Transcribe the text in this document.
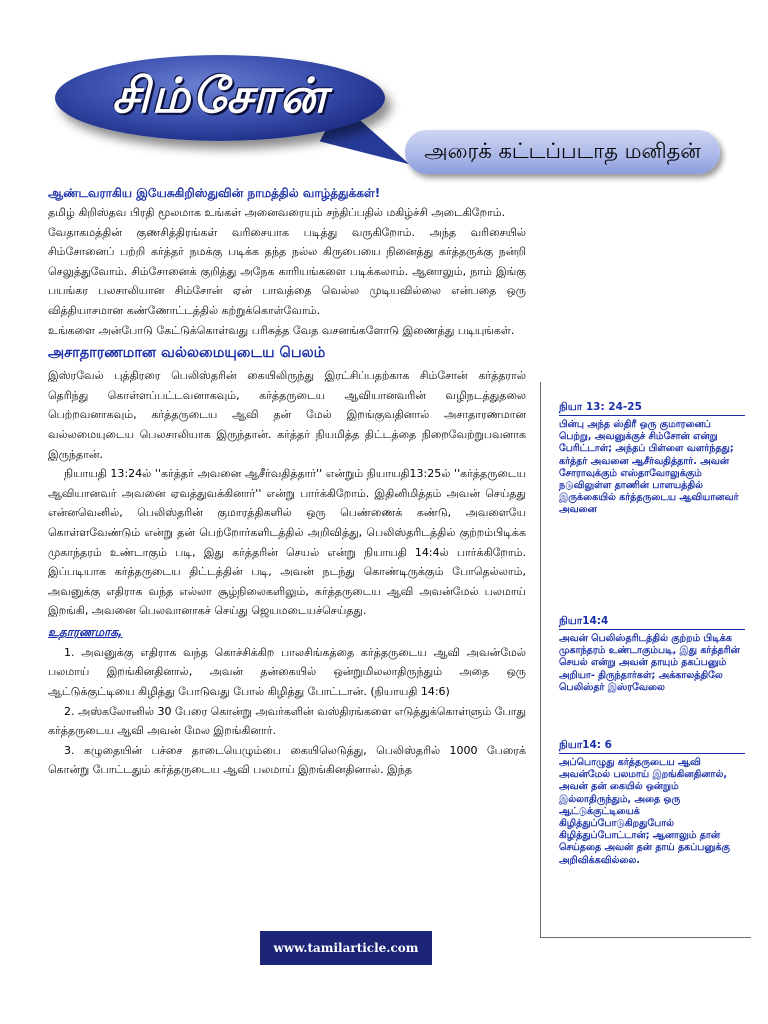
சிம்சோன்
அரைக் கட்டப்படாத மனிதன்

ஆண்டவராகிய இயேசுகிறிஸ்துவின் நாமத்தில் வாழ்த்துக்கள்!

தமிழ் கிறிஸ்தவ பிரதி மூலமாக உங்கள் அனைவரையும் சந்திப்பதில் மகிழ்ச்சி அடைகிறோம்.

வேதாகமத்தின் குணசித்திரங்கள் வரிசையாக படித்து வருகிறோம். அந்த வரிசையில் சிம்சோனைப் பற்றி கர்த்தர் நமக்கு படிக்க தந்த நல்ல கிருபையை நினைத்து கர்த்தருக்கு நன்றி செலுத்துவோம். சிம்சோனைக் குறித்து அநேக காரியங்களை படிக்கலாம். ஆனாலும், நாம் இங்கு பயங்கர பலசாலியான சிம்சோன் ஏன் பாவத்தை வெல்ல முடியவில்லை என்பதை ஒரு வித்தியாசமான கண்ணோட்டத்தில் கற்றுக்கொள்வோம்.

உங்களை அன்போடு கேட்டுக்கொள்வது பரிசுத்த வேத வசனங்களோடு இணைத்து படியுங்கள்.

அசாதாரணமான வல்லமையுடைய பெலம்

இஸ்ரவேல் புத்திரரை பெலிஸ்தரின் கையிலிருந்து இரட்சிப்பதற்காக சிம்சோன் கர்த்தரால் தெரிந்து கொள்ளப்பட்டவனாகவும், கர்த்தருடைய ஆவியானவரின் வழிநடத்துதலை பெற்றவனாகவும், கர்த்தருடைய ஆவி தன் மேல் இறங்குவதினால் அசாதாரணமான வல்லமையுடைய பெலசாலியாக இருந்தான். கர்த்தர் நியமித்த திட்டத்தை நிறைவேற்றுபவனாக இருந்தான்.

நியாயதி 13:24ல் ''கர்த்தர் அவனை ஆசீர்வதித்தார்'' என்றும் நியாயதி13:25ல் ''கர்த்தருடைய ஆவியானவர் அவனை ஏவத்துவக்கினார்'' என்று பார்க்கிறோம். இதினிமித்தம் அவன் செய்தது என்னவெனில், பெலிஸ்தரின் குமாரத்திகளில் ஒரு பெண்ணைக் கண்டு, அவளையே கொள்ளவேண்டும் என்று தன் பெற்றோர்களிடத்தில் அறிவித்து, பெலிஸ்தரிடத்தில் குற்றம்பிடிக்க முகாந்தரம் உண்டாகும் படி, இது கர்த்தரின் செயல் என்று நியாயதி 14:4ல் பார்க்கிறோம். இப்படியாக கர்த்தருடைய திட்டத்தின் படி, அவன் நடந்து கொண்டிருக்கும் போதெல்லாம், அவனுக்கு எதிராக வந்த எல்லா சூழ்நிலைகளிலும், கர்த்தருடைய ஆவி அவன்மேல் பலமாய் இறங்கி, அவனை பெலவானாகச் செய்து ஜெயமடையச்செய்தது.

உதாரணமாக,

1. அவனுக்கு எதிராக வந்த கொச்சிக்கிற பாலசிங்கத்தை கர்த்தருடைய ஆவி அவன்மேல் பலமாய் இறங்கினதினால், அவன் தன்கையில் ஒன்றுமிலலாதிருந்தும் அதை ஒரு ஆட்டுக்குட்டியை கிழித்து போடுவது போல் கிழித்து போட்டான். (நியாயதி 14:6)

2. அஸ்கலோனில் 30 பேரை கொன்று அவர்களின் வஸ்திரங்களை எடுத்துக்கொள்ளும் போது கர்த்தருடைய ஆவி அவன் மேல இறங்கினார்.

3. கழுதையின் பச்சை தாடையெழும்பை கையிலெடுத்து, பெலிஸ்தரில் 1000 பேரைக் கொன்று போட்டதும் கர்த்தருடைய ஆவி பலமாய் இறங்கினதினால். இந்த

நியா 13: 24-25

பின்பு அந்த ஸ்திரீ ஒரு குமாரனைப் பெற்று, அவனுக்குச் சிம்சோன் என்று பேரிட்டாள்; அந்தப் பிள்ளை வளர்ந்தது; கர்த்தர் அவனை ஆசீர்வதித்தார். அவன் சோராவுக்கும் எஸ்தாவோலுக்கும் நடுவிலுள்ள தாணின் பாளயத்தில் இருக்கையில் கர்த்தருடைய ஆவியானவர் அவனை

நியா14:4

அவன் பெலிஸ்தரிடத்தில் குற்றம் பிடிக்க முகாந்தரம் உண்டாகும்படி, இது கர்த்தரின் செயல் என்று அவன் தாயும் தகப்பனும் அறியா- திருந்தார்கள்; அக்காலத்திலே பெலிஸ்தர் இஸ்ரவேலை

நியா14: 6

அப்பொழுது கர்த்தருடைய ஆவி அவன்மேல் பலமாய் இறங்கினதினால், அவன் தன் கையில் ஒன்றும் இல்லாதிருந்தும், அதை ஒரு ஆட்டுக்குட்டியைக் கிழித்துப்போடுகிறதுபோல் கிழித்துப்போட்டான்; ஆனாலும் தான் செய்ததை அவன் தன் தாய் தகப்பனுக்கு அறிவிக்கவில்லை.

www.tamilarticle.com
